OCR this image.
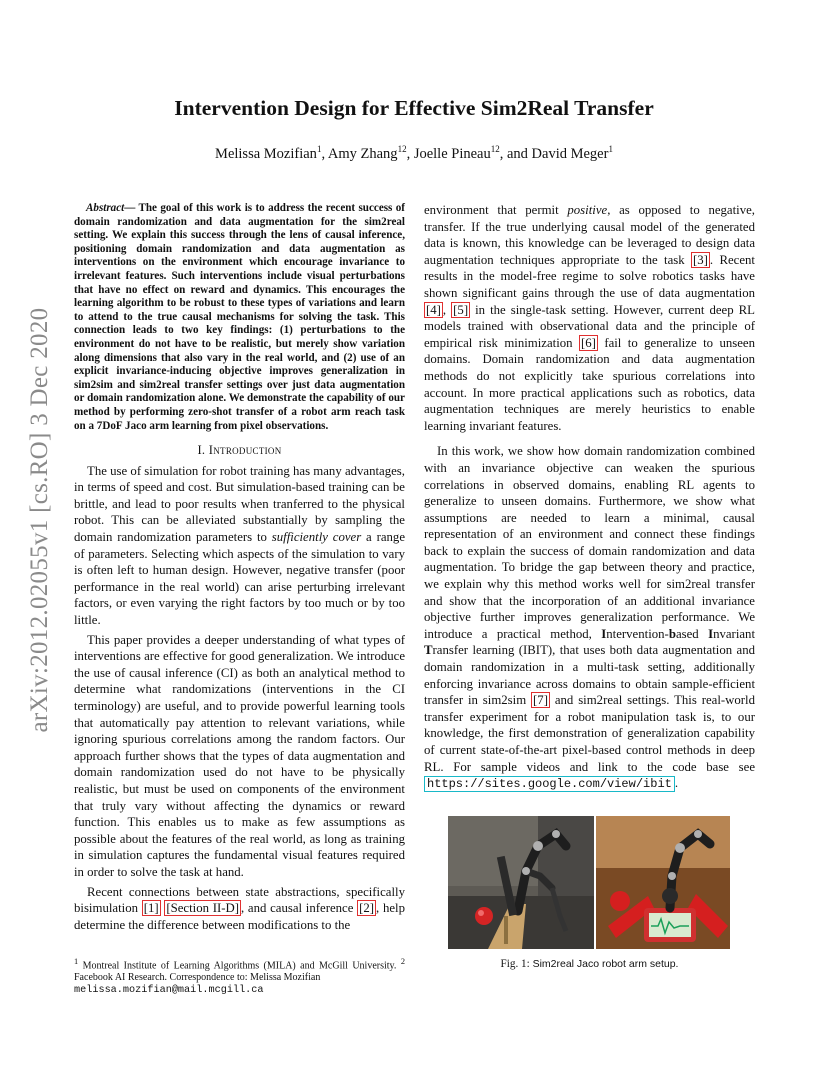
arXiv:2012.02055v1 [cs.RO] 3 Dec 2020
Intervention Design for Effective Sim2Real Transfer
Melissa Mozifian$^1$, Amy Zhang$^{12}$, Joelle Pineau$^{12}$, and David Meger$^1$

Abstract— The goal of this work is to address the recent success of domain randomization and data augmentation for the sim2real setting. We explain this success through the lens of causal inference, positioning domain randomization and data augmentation as interventions on the environment which encourage invariance to irrelevant features. Such interventions include visual perturbations that have no effect on reward and dynamics. This encourages the learning algorithm to be robust to these types of variations and learn to attend to the true causal mechanisms for solving the task. This connection leads to two key findings: (1) perturbations to the environment do not have to be realistic, but merely show variation along dimensions that also vary in the real world, and (2) use of an explicit invariance-inducing objective improves generalization in sim2sim and sim2real transfer settings over just data augmentation or domain randomization alone. We demonstrate the capability of our method by performing zero-shot transfer of a robot arm reach task on a 7DoF Jaco arm learning from pixel observations.

I. Introduction

The use of simulation for robot training has many advantages, in terms of speed and cost. But simulation-based training can be brittle, and lead to poor results when tranferred to the physical robot. This can be alleviated substantially by sampling the domain randomization parameters to sufficiently cover a range of parameters. Selecting which aspects of the simulation to vary is often left to human design. However, negative transfer (poor performance in the real world) can arise perturbing irrelevant factors, or even varying the right factors by too much or by too little.

This paper provides a deeper understanding of what types of interventions are effective for good generalization. We introduce the use of causal inference (CI) as both an analytical method to determine what randomizations (interventions in the CI terminology) are useful, and to provide powerful learning tools that automatically pay attention to relevant variations, while ignoring spurious correlations among the random factors. Our approach further shows that the types of data augmentation and domain randomization used do not have to be physically realistic, but must be used on components of the environment that truly vary without affecting the dynamics or reward function. This enables us to make as few assumptions as possible about the features of the real world, as long as training in simulation captures the fundamental visual features required in order to solve the task at hand.

Recent connections between state abstractions, specifically bisimulation [1] [Section II-D] , and causal inference [2] , help determine the difference between modifications to the

$^1$ Montreal Institute of Learning Algorithms (MILA) and McGill University. $^2$ Facebook AI Research. Correspondence to: Melissa Mozifian
melissa.mozifian@mail.mcgill.ca

environment that permit positive, as opposed to negative, transfer. If the true underlying causal model of the generated data is known, this knowledge can be leveraged to design data augmentation techniques appropriate to the task [3] . Recent results in the model-free regime to solve robotics tasks have shown significant gains through the use of data augmentation [4] , [5] in the single-task setting. However, current deep RL models trained with observational data and the principle of empirical risk minimization [6] fail to generalize to unseen domains. Domain randomization and data augmentation methods do not explicitly take spurious correlations into account. In more practical applications such as robotics, data augmentation techniques are merely heuristics to enable learning invariant features.

In this work, we show how domain randomization combined with an invariance objective can weaken the spurious correlations in observed domains, enabling RL agents to generalize to unseen domains. Furthermore, we show what assumptions are needed to learn a minimal, causal representation of an environment and connect these findings back to explain the success of domain randomization and data augmentation. To bridge the gap between theory and practice, we explain why this method works well for sim2real transfer and show that the incorporation of an additional invariance objective further improves generalization performance. We introduce a practical method, Intervention-based Invariant Transfer learning (IBIT), that uses both data augmentation and domain randomization in a multi-task setting, additionally enforcing invariance across domains to obtain sample-efficient transfer in sim2sim [7] and sim2real settings. This real-world transfer experiment for a robot manipulation task is, to our knowledge, the first demonstration of generalization capability of current state-of-the-art pixel-based control methods in deep RL. For sample videos and link to the code base see https://sites.google.com/view/ibit .

Fig. 1: Sim2real Jaco robot arm setup.
